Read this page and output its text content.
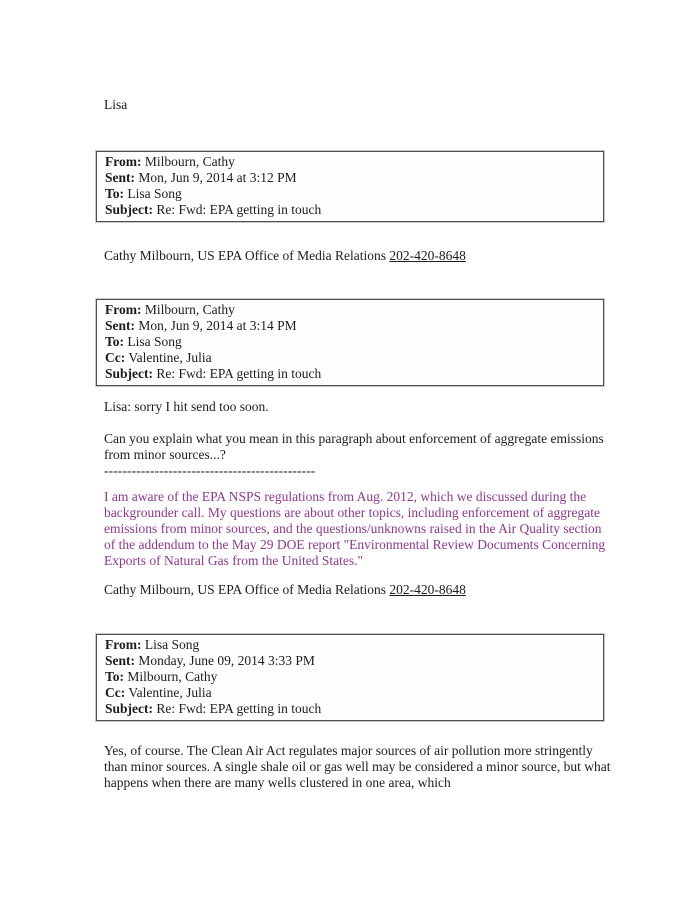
Lisa
From: Milbourn, Cathy
Sent: Mon, Jun 9, 2014 at 3:12 PM
To: Lisa Song
Subject: Re: Fwd: EPA getting in touch
Cathy Milbourn, US EPA Office of Media Relations 202-420-8648
From: Milbourn, Cathy
Sent: Mon, Jun 9, 2014 at 3:14 PM
To: Lisa Song
Cc: Valentine, Julia
Subject: Re: Fwd: EPA getting in touch
Lisa: sorry I hit send too soon.
Can you explain what you mean in this paragraph about enforcement of aggregate emissions from minor sources...?
----------------------------------------------
I am aware of the EPA NSPS regulations from Aug. 2012, which we discussed during the backgrounder call. My questions are about other topics, including enforcement of aggregate emissions from minor sources, and the questions/unknowns raised in the Air Quality section of the addendum to the May 29 DOE report "Environmental Review Documents Concerning Exports of Natural Gas from the United States."
Cathy Milbourn, US EPA Office of Media Relations 202-420-8648
From: Lisa Song
Sent: Monday, June 09, 2014 3:33 PM
To: Milbourn, Cathy
Cc: Valentine, Julia
Subject: Re: Fwd: EPA getting in touch
Yes, of course. The Clean Air Act regulates major sources of air pollution more stringently than minor sources. A single shale oil or gas well may be considered a minor source, but what happens when there are many wells clustered in one area, which
